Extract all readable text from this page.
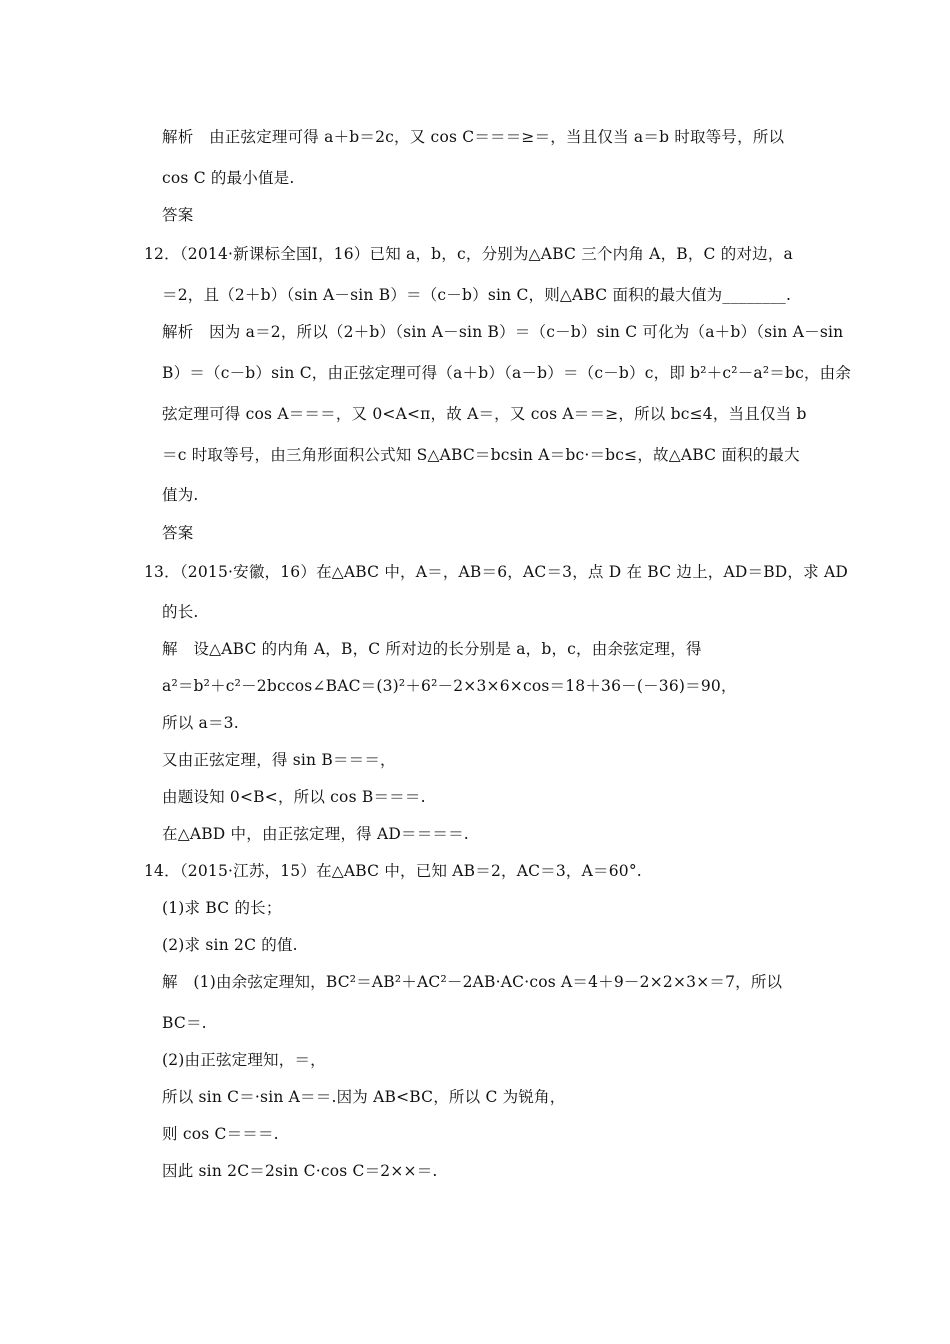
解析　由正弦定理可得 a＋b＝2c，又 cos C＝＝＝≥＝，当且仅当 a＝b 时取等号，所以
cos C 的最小值是.
答案
12．（2014·新课标全国Ⅰ，16）已知 a，b，c，分别为△ABC 三个内角 A，B，C 的对边，a
＝2，且（2＋b）（sin A－sin B）＝（c－b）sin C，则△ABC 面积的最大值为________.
解析　因为 a＝2，所以（2＋b）（sin A－sin B）＝（c－b）sin C 可化为（a＋b）（sin A－sin
B）＝（c－b）sin C，由正弦定理可得（a＋b）（a－b）＝（c－b）c，即 b²＋c²－a²＝bc，由余
弦定理可得 cos A＝＝＝，又 0<A<π，故 A＝，又 cos A＝＝≥，所以 bc≤4，当且仅当 b
＝c 时取等号，由三角形面积公式知 S△ABC＝bcsin A＝bc·＝bc≤，故△ABC 面积的最大
值为.
答案
13．（2015·安徽，16）在△ABC 中，A＝，AB＝6，AC＝3，点 D 在 BC 边上，AD＝BD，求 AD
的长.
解　设△ABC 的内角 A，B，C 所对边的长分别是 a，b，c，由余弦定理，得
a²＝b²＋c²－2bccos∠BAC＝(3)²＋6²－2×3×6×cos＝18＋36－(－36)＝90，
所以 a＝3.
又由正弦定理，得 sin B＝＝＝，
由题设知 0<B<，所以 cos B＝＝＝.
在△ABD 中，由正弦定理，得 AD＝＝＝＝.
14．（2015·江苏，15）在△ABC 中，已知 AB＝2，AC＝3，A＝60°.
(1)求 BC 的长；
(2)求 sin 2C 的值.
解　(1)由余弦定理知，BC²＝AB²＋AC²－2AB·AC·cos A＝4＋9－2×2×3×＝7，所以
BC＝.
(2)由正弦定理知，＝，
所以 sin C＝·sin A＝＝.因为 AB<BC，所以 C 为锐角，
则 cos C＝＝＝.
因此 sin 2C＝2sin C·cos C＝2××＝.
